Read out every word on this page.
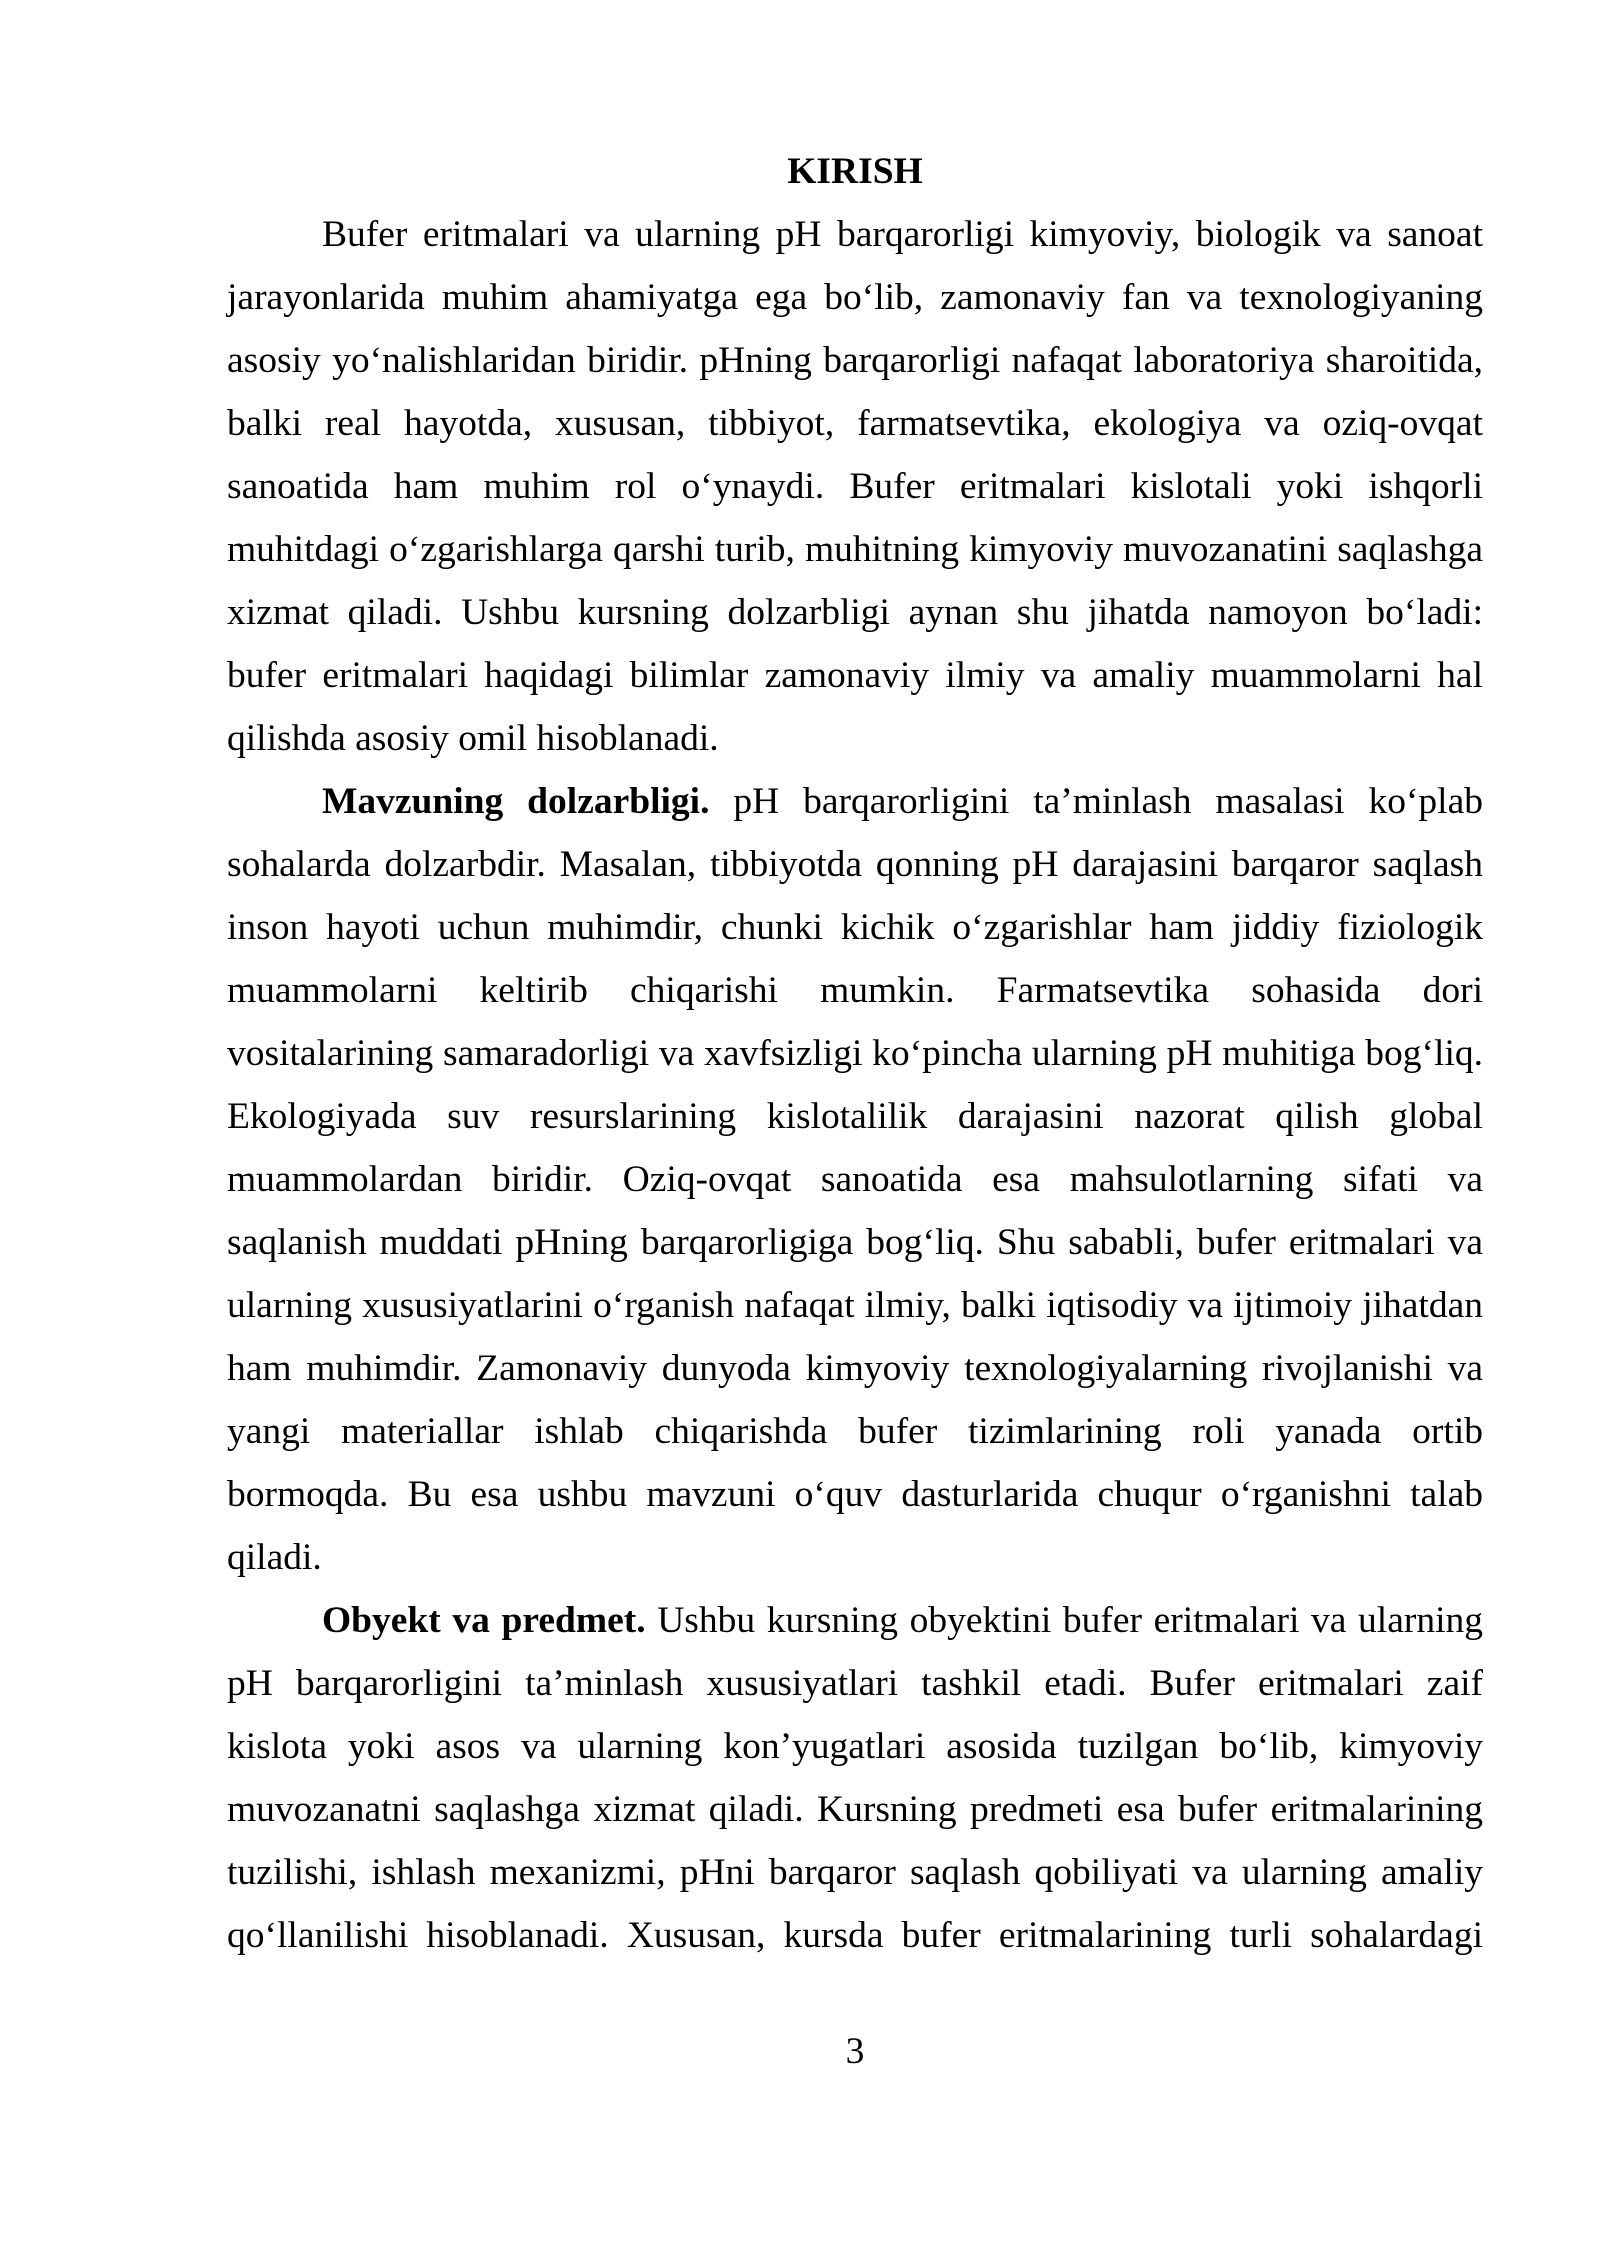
KIRISH
Bufer eritmalari va ularning pH barqarorligi kimyoviy, biologik va sanoat
jarayonlarida muhim ahamiyatga ega bo‘lib, zamonaviy fan va texnologiyaning
asosiy yo‘nalishlaridan biridir. pHning barqarorligi nafaqat laboratoriya sharoitida,
balki real hayotda, xususan, tibbiyot, farmatsevtika, ekologiya va oziq-ovqat
sanoatida ham muhim rol o‘ynaydi. Bufer eritmalari kislotali yoki ishqorli
muhitdagi o‘zgarishlarga qarshi turib, muhitning kimyoviy muvozanatini saqlashga
xizmat qiladi. Ushbu kursning dolzarbligi aynan shu jihatda namoyon bo‘ladi:
bufer eritmalari haqidagi bilimlar zamonaviy ilmiy va amaliy muammolarni hal
qilishda asosiy omil hisoblanadi.
Mavzuning dolzarbligi. pH barqarorligini ta’minlash masalasi ko‘plab
sohalarda dolzarbdir. Masalan, tibbiyotda qonning pH darajasini barqaror saqlash
inson hayoti uchun muhimdir, chunki kichik o‘zgarishlar ham jiddiy fiziologik
muammolarni keltirib chiqarishi mumkin. Farmatsevtika sohasida dori
vositalarining samaradorligi va xavfsizligi ko‘pincha ularning pH muhitiga bog‘liq.
Ekologiyada suv resurslarining kislotalilik darajasini nazorat qilish global
muammolardan biridir. Oziq-ovqat sanoatida esa mahsulotlarning sifati va
saqlanish muddati pHning barqarorligiga bog‘liq. Shu sababli, bufer eritmalari va
ularning xususiyatlarini o‘rganish nafaqat ilmiy, balki iqtisodiy va ijtimoiy jihatdan
ham muhimdir. Zamonaviy dunyoda kimyoviy texnologiyalarning rivojlanishi va
yangi materiallar ishlab chiqarishda bufer tizimlarining roli yanada ortib
bormoqda. Bu esa ushbu mavzuni o‘quv dasturlarida chuqur o‘rganishni talab
qiladi.
Obyekt va predmet. Ushbu kursning obyektini bufer eritmalari va ularning
pH barqarorligini ta’minlash xususiyatlari tashkil etadi. Bufer eritmalari zaif
kislota yoki asos va ularning kon’yugatlari asosida tuzilgan bo‘lib, kimyoviy
muvozanatni saqlashga xizmat qiladi. Kursning predmeti esa bufer eritmalarining
tuzilishi, ishlash mexanizmi, pHni barqaror saqlash qobiliyati va ularning amaliy
qo‘llanilishi hisoblanadi. Xususan, kursda bufer eritmalarining turli sohalardagi
3
